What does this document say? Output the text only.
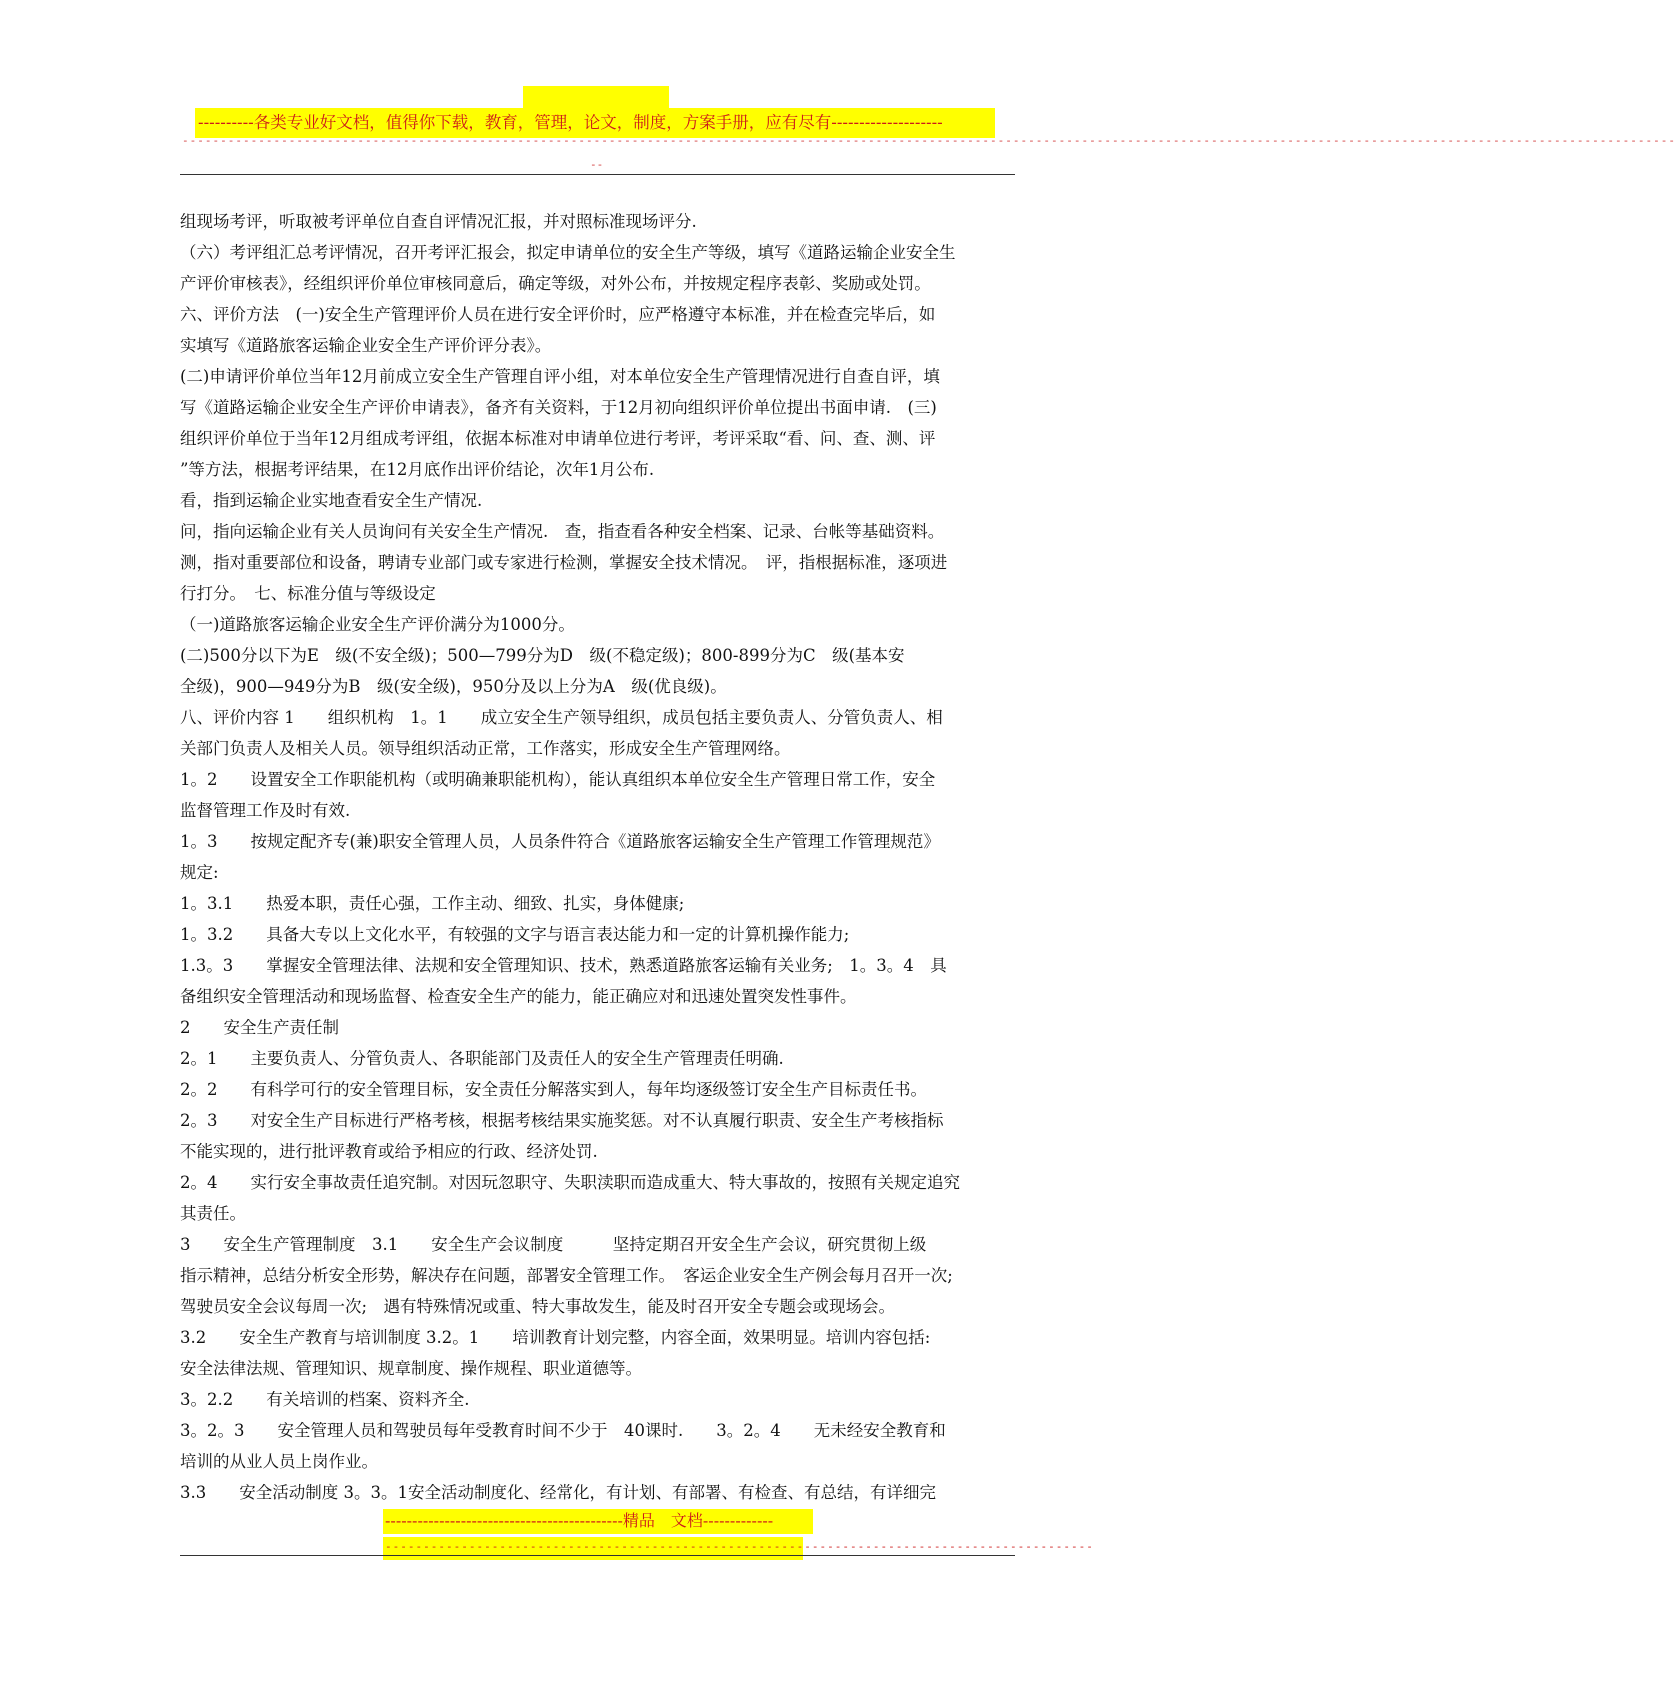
----------各类专业好文档，值得你下载，教育，管理，论文，制度，方案手册，应有尽有--------------------
----------------------------------------------------------------------------------------------------------------------------------------------------------------------------------------------------
--

组现场考评，听取被考评单位自查自评情况汇报，并对照标准现场评分.

（六）考评组汇总考评情况，召开考评汇报会，拟定申请单位的安全生产等级，填写《道路运输企业安全生

产评价审核表》，经组织评价单位审核同意后，确定等级，对外公布，并按规定程序表彰、奖励或处罚。

六、评价方法　(一)安全生产管理评价人员在进行安全评价时，应严格遵守本标准，并在检查完毕后，如

实填写《道路旅客运输企业安全生产评价评分表》。

(二)申请评价单位当年12月前成立安全生产管理自评小组，对本单位安全生产管理情况进行自查自评，填

写《道路运输企业安全生产评价申请表》，备齐有关资料，于12月初向组织评价单位提出书面申请.　(三)

组织评价单位于当年12月组成考评组，依据本标准对申请单位进行考评，考评采取“看、问、查、测、评

”等方法，根据考评结果，在12月底作出评价结论，次年1月公布.

看，指到运输企业实地查看安全生产情况.

问，指向运输企业有关人员询问有关安全生产情况.　查，指查看各种安全档案、记录、台帐等基础资料。

测，指对重要部位和设备，聘请专业部门或专家进行检测，掌握安全技术情况。　评，指根据标准，逐项进

行打分。　七、标准分值与等级设定

（一)道路旅客运输企业安全生产评价满分为1000分。

(二)500分以下为E　级(不安全级)；500—799分为D　级(不稳定级)；800-899分为C　级(基本安

全级)，900—949分为B　级(安全级)，950分及以上分为A　级(优良级)。

八、评价内容 1　　组织机构　1。1　　成立安全生产领导组织，成员包括主要负责人、分管负责人、相

关部门负责人及相关人员。领导组织活动正常，工作落实，形成安全生产管理网络。

1。2　　设置安全工作职能机构（或明确兼职能机构），能认真组织本单位安全生产管理日常工作，安全

监督管理工作及时有效.

1。3　　按规定配齐专(兼)职安全管理人员，人员条件符合《道路旅客运输安全生产管理工作管理规范》

规定:

1。3.1　　热爱本职，责任心强，工作主动、细致、扎实，身体健康;

1。3.2　　具备大专以上文化水平，有较强的文字与语言表达能力和一定的计算机操作能力;

1.3。3　　掌握安全管理法律、法规和安全管理知识、技术，熟悉道路旅客运输有关业务;　1。3。4　具

备组织安全管理活动和现场监督、检查安全生产的能力，能正确应对和迅速处置突发性事件。

2　　安全生产责任制

2。1　　主要负责人、分管负责人、各职能部门及责任人的安全生产管理责任明确.

2。2　　有科学可行的安全管理目标，安全责任分解落实到人，每年均逐级签订安全生产目标责任书。

2。3　　对安全生产目标进行严格考核，根据考核结果实施奖惩。对不认真履行职责、安全生产考核指标

不能实现的，进行批评教育或给予相应的行政、经济处罚.

2。4　　实行安全事故责任追究制。对因玩忽职守、失职渎职而造成重大、特大事故的，按照有关规定追究

其责任。

3　　安全生产管理制度　3.1　　安全生产会议制度　　　坚持定期召开安全生产会议，研究贯彻上级

指示精神，总结分析安全形势，解决存在问题，部署安全管理工作。　客运企业安全生产例会每月召开一次;

驾驶员安全会议每周一次;　遇有特殊情况或重、特大事故发生，能及时召开安全专题会或现场会。

3.2　　安全生产教育与培训制度 3.2。1　　培训教育计划完整，内容全面，效果明显。培训内容包括:

安全法律法规、管理知识、规章制度、操作规程、职业道德等。

3。2.2　　有关培训的档案、资料齐全.

3。2。3　　安全管理人员和驾驶员每年受教育时间不少于　40课时.　　3。2。4　　无未经安全教育和

培训的从业人员上岗作业。

3.3　　安全活动制度 3。3。1安全活动制度化、经常化，有计划、有部署、有检查、有总结，有详细完

--------------------------------------------精品　文档-------------
---------------------------------------------------------------------------------------------
